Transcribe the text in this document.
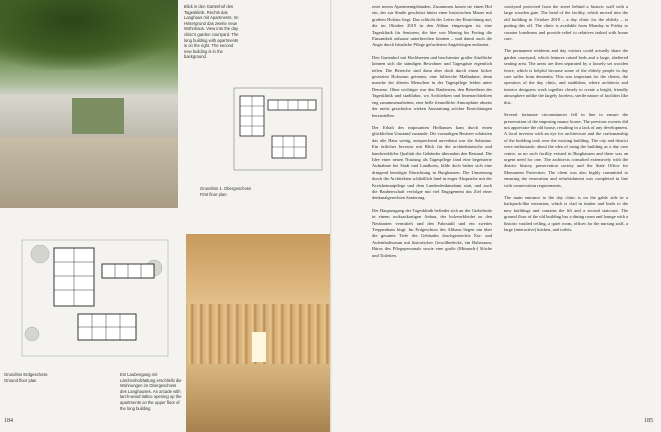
Blick in den Gartenhof des Tagesklinik. Rechts das Langhaus mit Apartments. Im Hintergrund das zweite neue Wohnhaus. View into the day clinic's garden courtyard. The long building with apartments is on the right. The second new building is in the background.
Grundriss 1. Obergeschoss
First floor plan
Grundriss Erdgeschoss
Ground floor plan
Ein Laubengang mit Lärchenholzlattung erschließt die Wohnungen im Obergeschoss des Langhauses. An arcade with larch-wood lattice opening up the apartments on the upper floor of the long building
184

zwei neuen Apartmentgebäuden. Zusammen fassen sie einen Hof ein, der zur Straße geschützt hinter einer historischen Mauer mit großem Holztor liegt. Das schlicht der Leiter der Einrichtung auf, die im Oktober 2019 in den Altbau eingezogen ist: eine Tagesklinik für Senioren, die hier von Montag bis Freitag die Einsamkeit zuhause unterbrechen können – und damit auch die Angst durch häusliche Pflege geforderten Angehörigen entlasten.

Den Gartenhof mit Hochbeeten und beschirmter großer Sitzfläche können sich die ständigen Bewohner und Tagesgäste eigentlich teilen. Die Bereiche sind dann aber doch durch einen locker gesetzten Holzzaun getrennt; eine hilfreiche Maßnahme, denn manche der älteren Menschen in der Tagespflege leiden unter Demenz. Ohne wichtiger war den Bauherren, den Betreibern der Tagesklinik und stadtlabor, wo Architekten und Innenarchitekten eng zusammenarbeiten, eine helle freundliche Atmosphäre abseits der meist gesichtslos wirken Ausstattung solcher Einrichtungen herzustellen.

Der Erhalt des imposanten Hofhauses kam durch einen glücklichen Umstand zustande. Die vormaligen Besitzer schätzten das alte Haus wenig, entsprechend unverbaut war die Substanz. Ein örtlicher Investor mit Blick für die architektonische und handwerkliche Qualität des Gebäudes übernahm den Bestand. Die Idee einer neuen Nutzung als Tagespflege fand eine begeisterte Aufnahme bei Stadt und Landkreis, bilde doch bisher sich eine dringend benötigte Einrichtung in Burghausen. Die Umsetzung durch die Architekten schließlich fand in enger Absprache mit der Kreisheimatpflege und dem Landesdenkmalamt statt, und auch die Bauherrschaft verfolgte mit viel Engagement das Ziel einer denkmalgerechten Sanierung.

Der Hauptzugang der Tagesklinik befindet sich an der Giebelseite in einem rucksackartigen Anbau, der holzverkleidet zu den Neubauten vermittelt und den Fahrstuhl und ein zweites Treppenhaus birgt. Im Erdgeschoss des Altbaus liegen um über die gesamte Tiefe des Gebäudes durchgestreckte Ess- und Aufenthaltsraum mit historischer Gewölbedecke, ein Ruheraum, Büros des Pflegepersonals sowie eine große (Mitmach-) Küche und Toiletten.

courtyard protected from the street behind a historic wall with a large wooden gate. The head of the facility, which moved into the old building in October 2019 – a day clinic for the elderly – is putting this off. The clinic is available from Monday to Friday to counter loneliness and provide relief to relatives tasked with home care.

The permanent residents and day visitors could actually share the garden courtyard, which features raised beds and a large, sheltered seating area. The areas are then separated by a loosely set wooden fence, which is helpful because some of the elderly people in day care suffer from dementia. This was important for the clients, the operators of the day clinic, and stadtlabor, where architects and interior designers work together closely to create a bright, friendly atmosphere unlike the largely faceless, sterile nature of facilities like this.

Several fortunate circumstances fell in line to ensure the preservation of the imposing manor house. The previous owners did not appreciate the old house, resulting in a lack of any development. A local investor with an eye for architecture and the craftsmanship of the building took over the existing building. The city and district were enthusiastic about the idea of using the building as a day care centre, as no such facility existed in Burghausen and there was an urgent need for one. The architects consulted extensively with the district history preservation society and the State Office for Monument Protection. The client was also highly committed to ensuring the renovation and refurbishment was completed in line with conservation requirements.

The main entrance to the day clinic is on the gable side in a backpack-like extension, which is clad in timber and leads to the new buildings and contains the lift and a second staircase. The ground floor of the old building has a dining room and lounge with a historic vaulted ceiling, a quiet room, offices for the nursing staff, a large (interactive) kitchen, and toilets.

185
